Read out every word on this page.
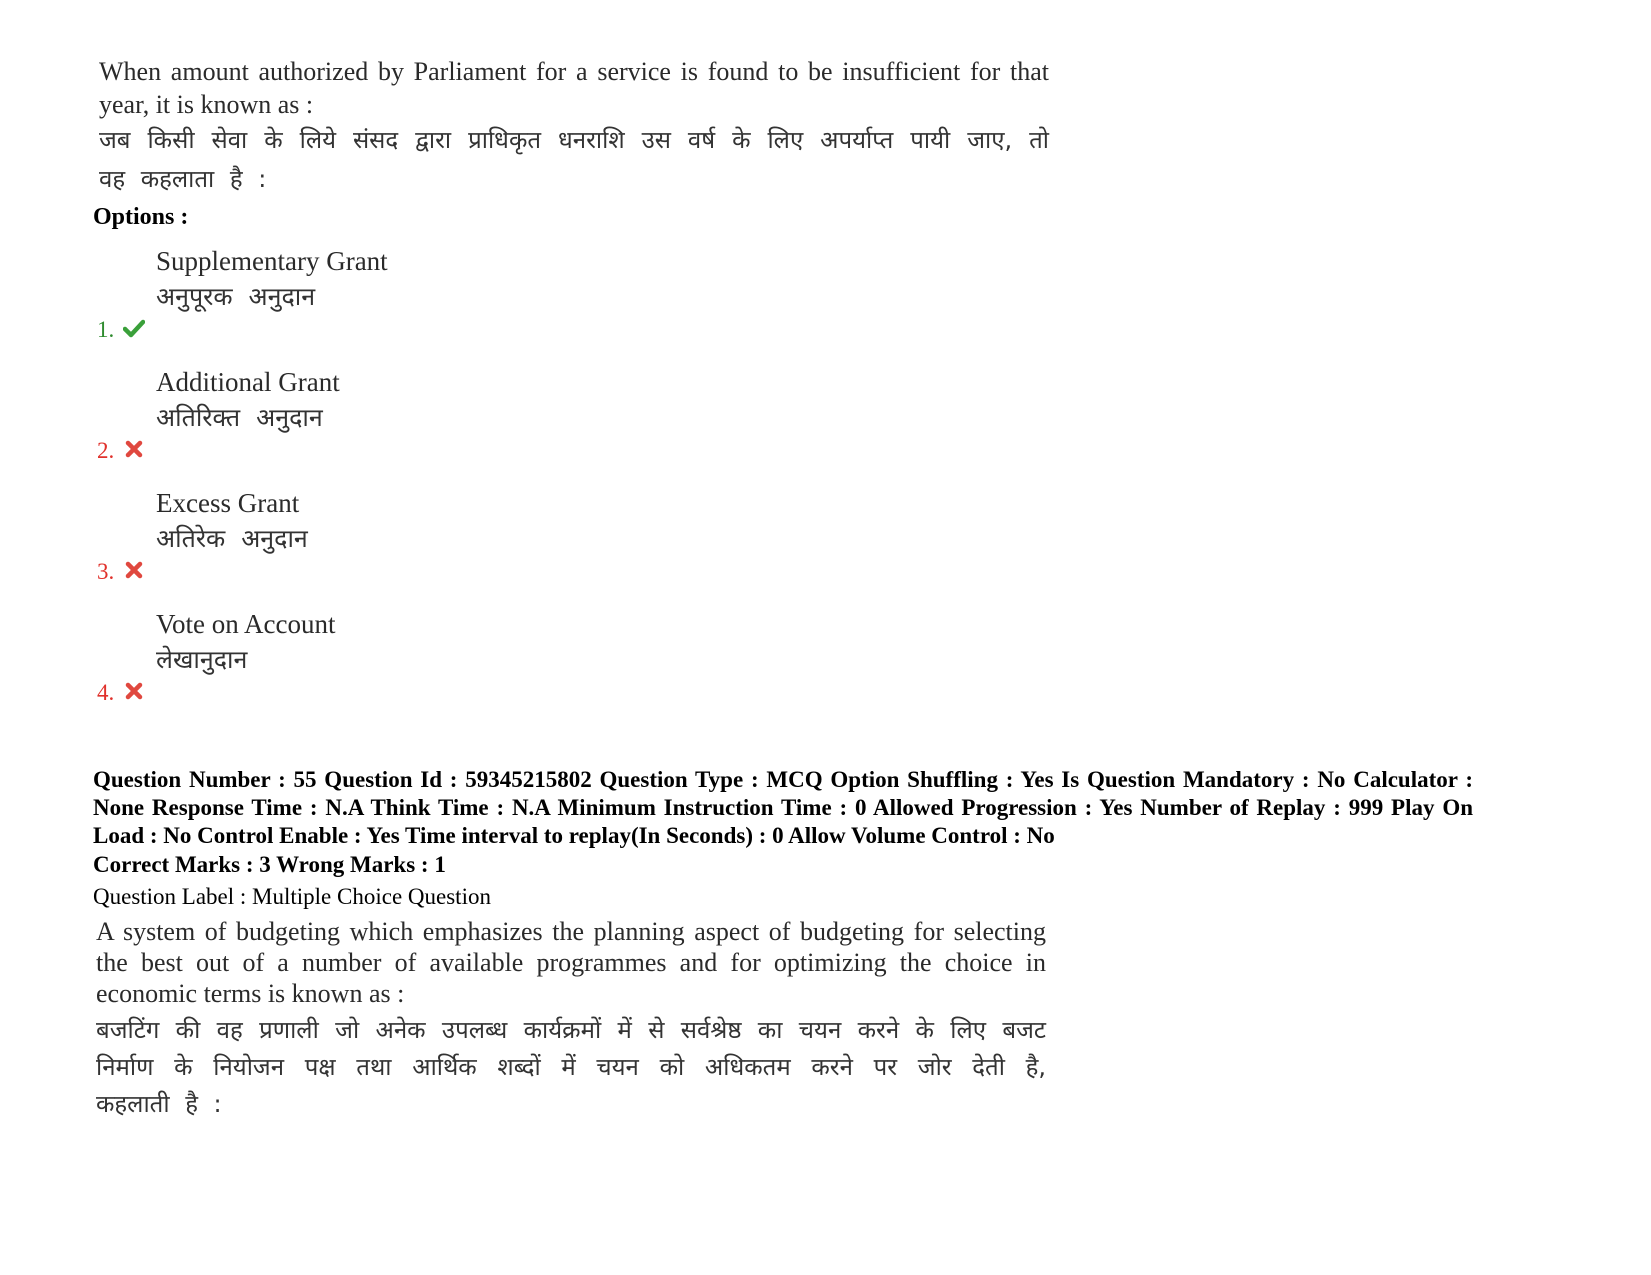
When amount authorized by Parliament for a service is found to be insufficient for that year, it is known as :
जब किसी सेवा के लिये संसद द्वारा प्राधिकृत धनराशि उस वर्ष के लिए अपर्याप्त पायी जाए, तो वह कहलाता है :
Options :
1.
Supplementary Grant
अनुपूरक अनुदान
2.
Additional Grant
अतिरिक्त अनुदान
3.
Excess Grant
अतिरेक अनुदान
4.
Vote on Account
लेखानुदान
Question Number : 55 Question Id : 59345215802 Question Type : MCQ Option Shuffling : Yes Is Question Mandatory : No Calculator : None Response Time : N.A Think Time : N.A Minimum Instruction Time : 0 Allowed Progression : Yes Number of Replay : 999 Play On Load : No Control Enable : Yes Time interval to replay(In Seconds) : 0 Allow Volume Control : No
Correct Marks : 3 Wrong Marks : 1
Question Label : Multiple Choice Question
A system of budgeting which emphasizes the planning aspect of budgeting for selecting the best out of a number of available programmes and for optimizing the choice in economic terms is known as :
बजटिंग की वह प्रणाली जो अनेक उपलब्ध कार्यक्रमों में से सर्वश्रेष्ठ का चयन करने के लिए बजट निर्माण के नियोजन पक्ष तथा आर्थिक शब्दों में चयन को अधिकतम करने पर जोर देती है, कहलाती है :
